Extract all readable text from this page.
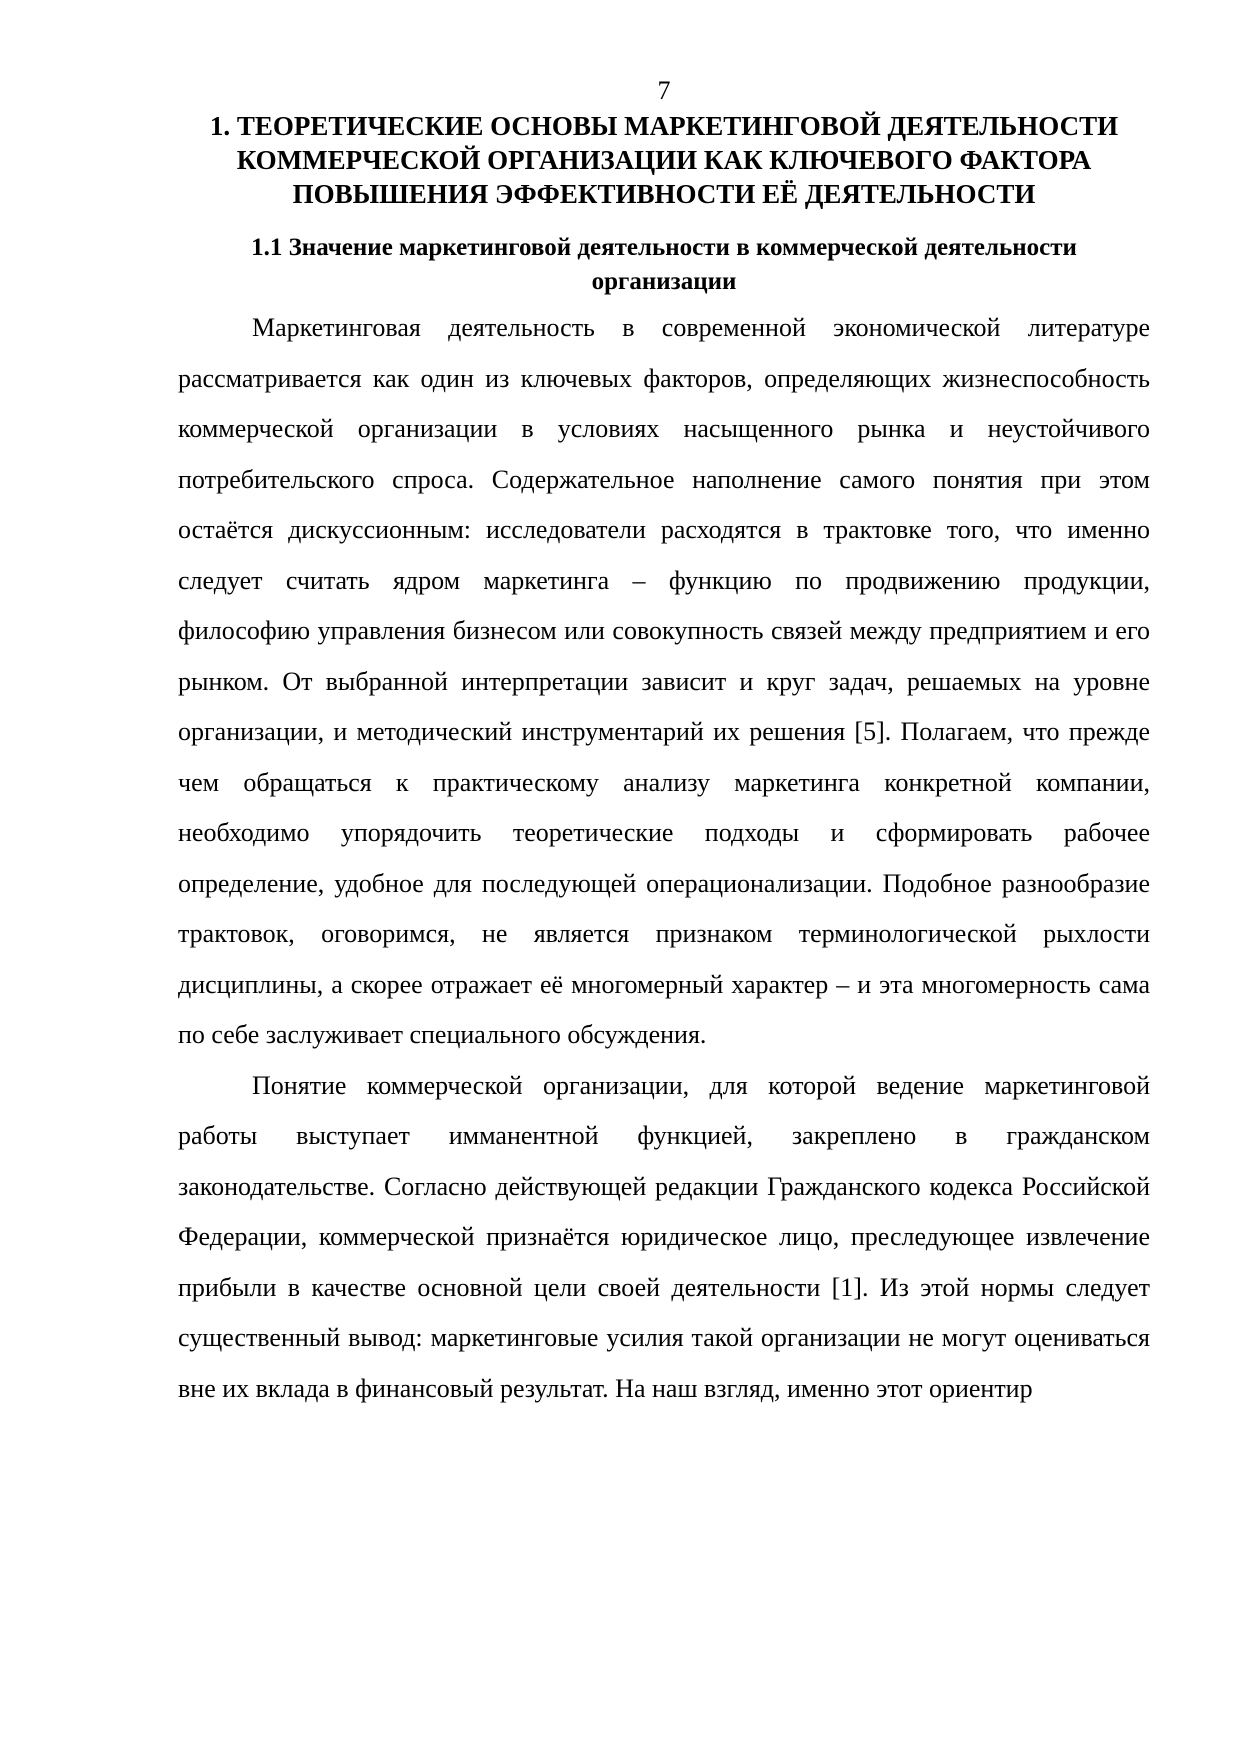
7
1. ТЕОРЕТИЧЕСКИЕ ОСНОВЫ МАРКЕТИНГОВОЙ ДЕЯТЕЛЬНОСТИ КОММЕРЧЕСКОЙ ОРГАНИЗАЦИИ КАК КЛЮЧЕВОГО ФАКТОРА ПОВЫШЕНИЯ ЭФФЕКТИВНОСТИ ЕЁ ДЕЯТЕЛЬНОСТИ
1.1 Значение маркетинговой деятельности в коммерческой деятельности организации

Маркетинговая деятельность в современной экономической литературе рассматривается как один из ключевых факторов, определяющих жизнеспособность коммерческой организации в условиях насыщенного рынка и неустойчивого потребительского спроса. Содержательное наполнение самого понятия при этом остаётся дискуссионным: исследователи расходятся в трактовке того, что именно следует считать ядром маркетинга – функцию по продвижению продукции, философию управления бизнесом или совокупность связей между предприятием и его рынком. От выбранной интерпретации зависит и круг задач, решаемых на уровне организации, и методический инструментарий их решения [5]. Полагаем, что прежде чем обращаться к практическому анализу маркетинга конкретной компании, необходимо упорядочить теоретические подходы и сформировать рабочее определение, удобное для последующей операционализации. Подобное разнообразие трактовок, оговоримся, не является признаком терминологической рыхлости дисциплины, а скорее отражает её многомерный характер – и эта многомерность сама по себе заслуживает специального обсуждения.

Понятие коммерческой организации, для которой ведение маркетинговой работы выступает имманентной функцией, закреплено в гражданском законодательстве. Согласно действующей редакции Гражданского кодекса Российской Федерации, коммерческой признаётся юридическое лицо, преследующее извлечение прибыли в качестве основной цели своей деятельности [1]. Из этой нормы следует существенный вывод: маркетинговые усилия такой организации не могут оцениваться вне их вклада в финансовый результат. На наш взгляд, именно этот ориентир
